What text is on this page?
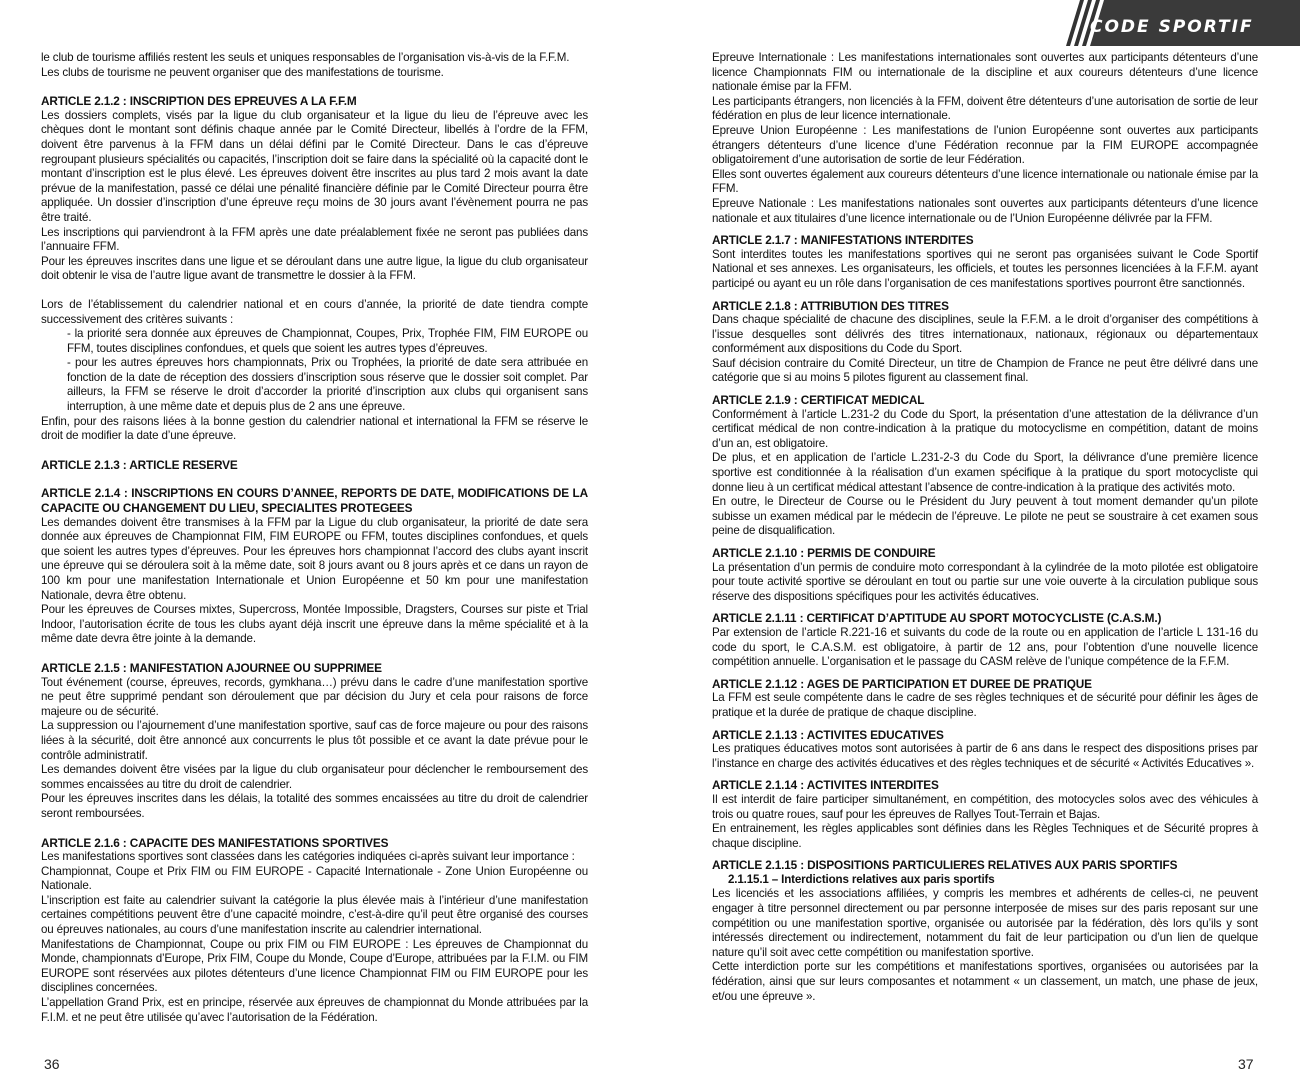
le club de tourisme affiliés restent les seuls et uniques responsables de l’organisation vis-à-vis de la F.F.M.

Les clubs de tourisme ne peuvent organiser que des manifestations de tourisme.

ARTICLE 2.1.2 : INSCRIPTION DES EPREUVES A LA F.F.M

Les dossiers complets, visés par la ligue du club organisateur et la ligue du lieu de l’épreuve avec les chèques dont le montant sont définis chaque année par le Comité Directeur, libellés à l’ordre de la FFM, doivent être parvenus à la FFM dans un délai défini par le Comité Directeur. Dans le cas d’épreuve regroupant plusieurs spécialités ou capacités, l’inscription doit se faire dans la spécialité où la capacité dont le montant d’inscription est le plus élevé. Les épreuves doivent être inscrites au plus tard 2 mois avant la date prévue de la manifestation, passé ce délai une pénalité financière définie par le Comité Directeur pourra être appliquée. Un dossier d’inscription d’une épreuve reçu moins de 30 jours avant l’évènement pourra ne pas être traité.

Les inscriptions qui parviendront à la FFM après une date préalablement fixée ne seront pas publiées dans l’annuaire FFM.

Pour les épreuves inscrites dans une ligue et se déroulant dans une autre ligue, la ligue du club organisateur doit obtenir le visa de l’autre ligue avant de transmettre le dossier à la FFM.

Lors de l’établissement du calendrier national et en cours d’année, la priorité de date tiendra compte successivement des critères suivants :

- la priorité sera donnée aux épreuves de Championnat, Coupes, Prix, Trophée FIM, FIM EUROPE ou FFM, toutes disciplines confondues, et quels que soient les autres types d’épreuves.

- pour les autres épreuves hors championnats, Prix ou Trophées, la priorité de date sera attribuée en fonction de la date de réception des dossiers d’inscription sous réserve que le dossier soit complet. Par ailleurs, la FFM se réserve le droit d’accorder la priorité d’inscription aux clubs qui organisent sans interruption, à une même date et depuis plus de 2 ans une épreuve.

Enfin, pour des raisons liées à la bonne gestion du calendrier national et international la FFM se réserve le droit de modifier la date d’une épreuve.

ARTICLE 2.1.3 : ARTICLE RESERVE
ARTICLE 2.1.4 : INSCRIPTIONS EN COURS D’ANNEE, REPORTS DE DATE, MODIFICATIONS DE LA CAPACITE OU CHANGEMENT DU LIEU, SPECIALITES PROTEGEES

Les demandes doivent être transmises à la FFM par la Ligue du club organisateur, la priorité de date sera donnée aux épreuves de Championnat FIM, FIM EUROPE ou FFM, toutes disciplines confondues, et quels que soient les autres types d’épreuves. Pour les épreuves hors championnat l’accord des clubs ayant inscrit une épreuve qui se déroulera soit à la même date, soit 8 jours avant ou 8 jours après et ce dans un rayon de 100 km pour une manifestation Internationale et Union Européenne et 50 km pour une manifestation Nationale, devra être obtenu.

Pour les épreuves de Courses mixtes, Supercross, Montée Impossible, Dragsters, Courses sur piste et Trial Indoor, l’autorisation écrite de tous les clubs ayant déjà inscrit une épreuve dans la même spécialité et à la même date devra être jointe à la demande.

ARTICLE 2.1.5 : MANIFESTATION AJOURNEE OU SUPPRIMEE

Tout événement (course, épreuves, records, gymkhana…) prévu dans le cadre d’une manifestation sportive ne peut être supprimé pendant son déroulement que par décision du Jury et cela pour raisons de force majeure ou de sécurité.

La suppression ou l’ajournement d’une manifestation sportive, sauf cas de force majeure ou pour des raisons liées à la sécurité, doit être annoncé aux concurrents le plus tôt possible et ce avant la date prévue pour le contrôle administratif.

Les demandes doivent être visées par la ligue du club organisateur pour déclencher le remboursement des sommes encaissées au titre du droit de calendrier.

Pour les épreuves inscrites dans les délais, la totalité des sommes encaissées au titre du droit de calendrier seront remboursées.

ARTICLE 2.1.6 : CAPACITE DES MANIFESTATIONS SPORTIVES

Les manifestations sportives sont classées dans les catégories indiquées ci-après suivant leur importance :

Championnat, Coupe et Prix FIM ou FIM EUROPE - Capacité Internationale - Zone Union Européenne ou Nationale.

L’inscription est faite au calendrier suivant la catégorie la plus élevée mais à l’intérieur d’une manifestation certaines compétitions peuvent être d’une capacité moindre, c’est-à-dire qu’il peut être organisé des courses ou épreuves nationales, au cours d’une manifestation inscrite au calendrier international.

Manifestations de Championnat, Coupe ou prix FIM ou FIM EUROPE : Les épreuves de Championnat du Monde, championnats d’Europe, Prix FIM, Coupe du Monde, Coupe d’Europe, attribuées par la F.I.M. ou FIM EUROPE sont réservées aux pilotes détenteurs d’une licence Championnat FIM ou FIM EUROPE pour les disciplines concernées.

L’appellation Grand Prix, est en principe, réservée aux épreuves de championnat du Monde attribuées par la F.I.M. et ne peut être utilisée qu’avec l’autorisation de la Fédération.

36
CODE SPORTIF

Epreuve Internationale : Les manifestations internationales sont ouvertes aux participants détenteurs d’une licence Championnats FIM ou internationale de la discipline et aux coureurs détenteurs d’une licence nationale émise par la FFM.

Les participants étrangers, non licenciés à la FFM, doivent être détenteurs d’une autorisation de sortie de leur fédération en plus de leur licence internationale.

Epreuve Union Européenne : Les manifestations de l’union Européenne sont ouvertes aux participants étrangers détenteurs d’une licence d’une Fédération reconnue par la FIM EUROPE accompagnée obligatoirement d’une autorisation de sortie de leur Fédération.

Elles sont ouvertes également aux coureurs détenteurs d’une licence internationale ou nationale émise par la FFM.

Epreuve Nationale : Les manifestations nationales sont ouvertes aux participants détenteurs d’une licence nationale et aux titulaires d’une licence internationale ou de l’Union Européenne délivrée par la FFM.

ARTICLE 2.1.7 : MANIFESTATIONS INTERDITES

Sont interdites toutes les manifestations sportives qui ne seront pas organisées suivant le Code Sportif National et ses annexes. Les organisateurs, les officiels, et toutes les personnes licenciées à la F.F.M. ayant participé ou ayant eu un rôle dans l’organisation de ces manifestations sportives pourront être sanctionnés.

ARTICLE 2.1.8 : ATTRIBUTION DES TITRES

Dans chaque spécialité de chacune des disciplines, seule la F.F.M. a le droit d’organiser des compétitions à l’issue desquelles sont délivrés des titres internationaux, nationaux, régionaux ou départementaux conformément aux dispositions du Code du Sport.

Sauf décision contraire du Comité Directeur, un titre de Champion de France ne peut être délivré dans une catégorie que si au moins 5 pilotes figurent au classement final.

ARTICLE 2.1.9 : CERTIFICAT MEDICAL

Conformément à l’article L.231-2 du Code du Sport, la présentation d’une attestation de la délivrance d’un certificat médical de non contre-indication à la pratique du motocyclisme en compétition, datant de moins d’un an, est obligatoire.

De plus, et en application de l’article L.231-2-3 du Code du Sport, la délivrance d’une première licence sportive est conditionnée à la réalisation d’un examen spécifique à la pratique du sport motocycliste qui donne lieu à un certificat médical attestant l’absence de contre-indication à la pratique des activités moto.

En outre, le Directeur de Course ou le Président du Jury peuvent à tout moment demander qu’un pilote subisse un examen médical par le médecin de l’épreuve. Le pilote ne peut se soustraire à cet examen sous peine de disqualification.

ARTICLE 2.1.10 : PERMIS DE CONDUIRE

La présentation d’un permis de conduire moto correspondant à la cylindrée de la moto pilotée est obligatoire pour toute activité sportive se déroulant en tout ou partie sur une voie ouverte à la circulation publique sous réserve des dispositions spécifiques pour les activités éducatives.

ARTICLE 2.1.11 : CERTIFICAT D’APTITUDE AU SPORT MOTOCYCLISTE (C.A.S.M.)

Par extension de l’article R.221-16 et suivants du code de la route ou en application de l’article L 131-16 du code du sport, le C.A.S.M. est obligatoire, à partir de 12 ans, pour l’obtention d’une nouvelle licence compétition annuelle. L’organisation et le passage du CASM relève de l’unique compétence de la F.F.M.

ARTICLE 2.1.12 : AGES DE PARTICIPATION ET DUREE DE PRATIQUE

La FFM est seule compétente dans le cadre de ses règles techniques et de sécurité pour définir les âges de pratique et la durée de pratique de chaque discipline.

ARTICLE 2.1.13 : ACTIVITES EDUCATIVES

Les pratiques éducatives motos sont autorisées à partir de 6 ans dans le respect des dispositions prises par l’instance en charge des activités éducatives et des règles techniques et de sécurité « Activités Educatives ».

ARTICLE 2.1.14 : ACTIVITES INTERDITES

Il est interdit de faire participer simultanément, en compétition, des motocycles solos avec des véhicules à trois ou quatre roues, sauf pour les épreuves de Rallyes Tout-Terrain et Bajas.

En entrainement, les règles applicables sont définies dans les Règles Techniques et de Sécurité propres à chaque discipline.

ARTICLE 2.1.15 : DISPOSITIONS PARTICULIERES RELATIVES AUX PARIS SPORTIFS

2.1.15.1 – Interdictions relatives aux paris sportifs

Les licenciés et les associations affiliées, y compris les membres et adhérents de celles-ci, ne peuvent engager à titre personnel directement ou par personne interposée de mises sur des paris reposant sur une compétition ou une manifestation sportive, organisée ou autorisée par la fédération, dès lors qu’ils y sont intéressés directement ou indirectement, notamment du fait de leur participation ou d’un lien de quelque nature qu’il soit avec cette compétition ou manifestation sportive.

Cette interdiction porte sur les compétitions et manifestations sportives, organisées ou autorisées par la fédération, ainsi que sur leurs composantes et notamment « un classement, un match, une phase de jeux, et/ou une épreuve ».

37
